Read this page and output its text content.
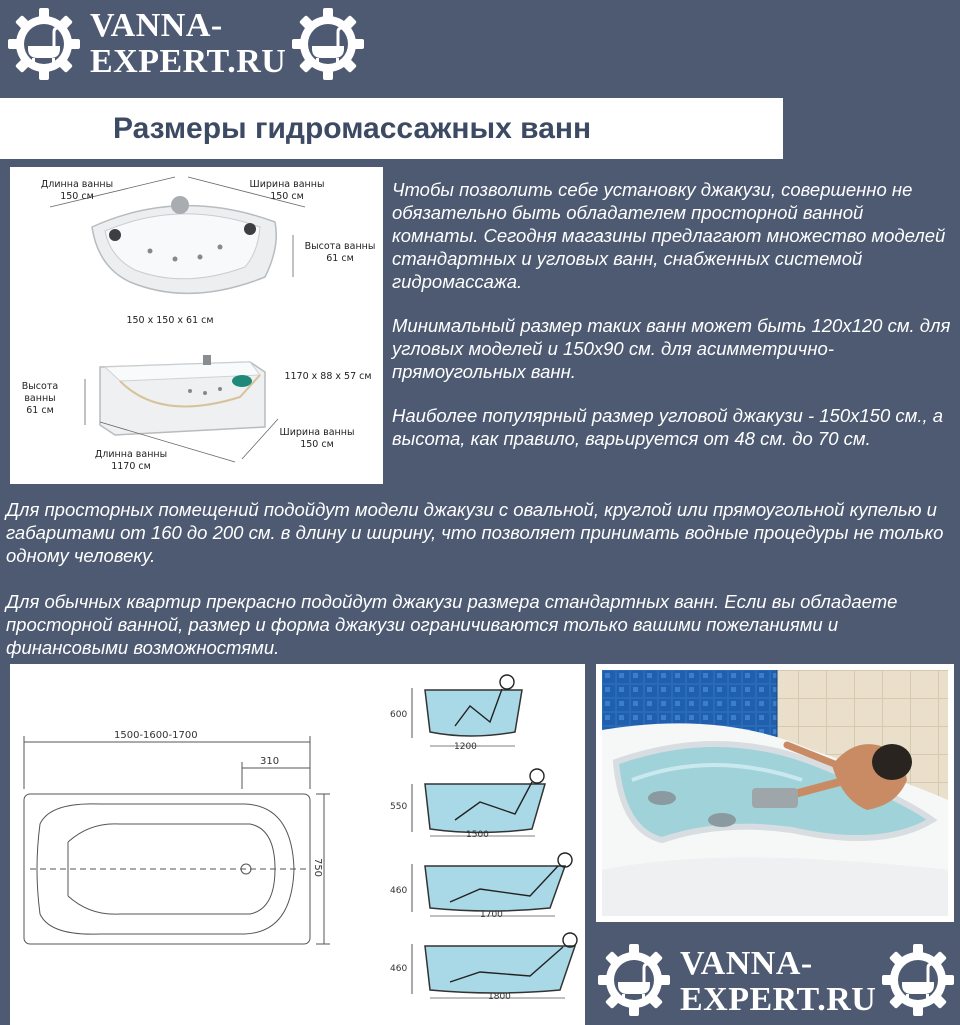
VANNA-
EXPERT.RU
Размеры гидромассажных ванн
Длинна ванны
150 см
Ширина ванны
150 см
Высота ванны
61 см
150 x 150 x 61 см
1170 x 88 x 57 см
Высота ванны
61 см
Ширина ванны
150 см
Длинна ванны
1170 см

Чтобы позволить себе установку джакузи, совершенно не обязательно быть обладателем просторной ванной комнаты. Сегодня магазины предлагают множество моделей стандартных и угловых ванн, снабженных системой гидромассажа.

Минимальный размер таких ванн может быть 120х120 см. для угловых моделей и 150х90 см. для асимметрично-прямоугольных ванн.

Наиболее популярный размер угловой джакузи - 150х150 см., а высота, как правило, варьируется от 48 см. до 70 см.

Для просторных помещений подойдут модели джакузи с овальной, круглой или прямоугольной купелью и габаритами от 160 до 200 см. в длину и ширину, что позволяет принимать водные процедуры не только одному человеку.

Для обычных квартир прекрасно подойдут джакузи размера стандартных ванн. Если вы обладаете просторной ванной, размер и форма джакузи ограничиваются только вашими пожеланиями и финансовыми возможностями.

1500-1600-1700
310
750
600
1200
550
1500
460
1700
460
1800
VANNA-
EXPERT.RU
